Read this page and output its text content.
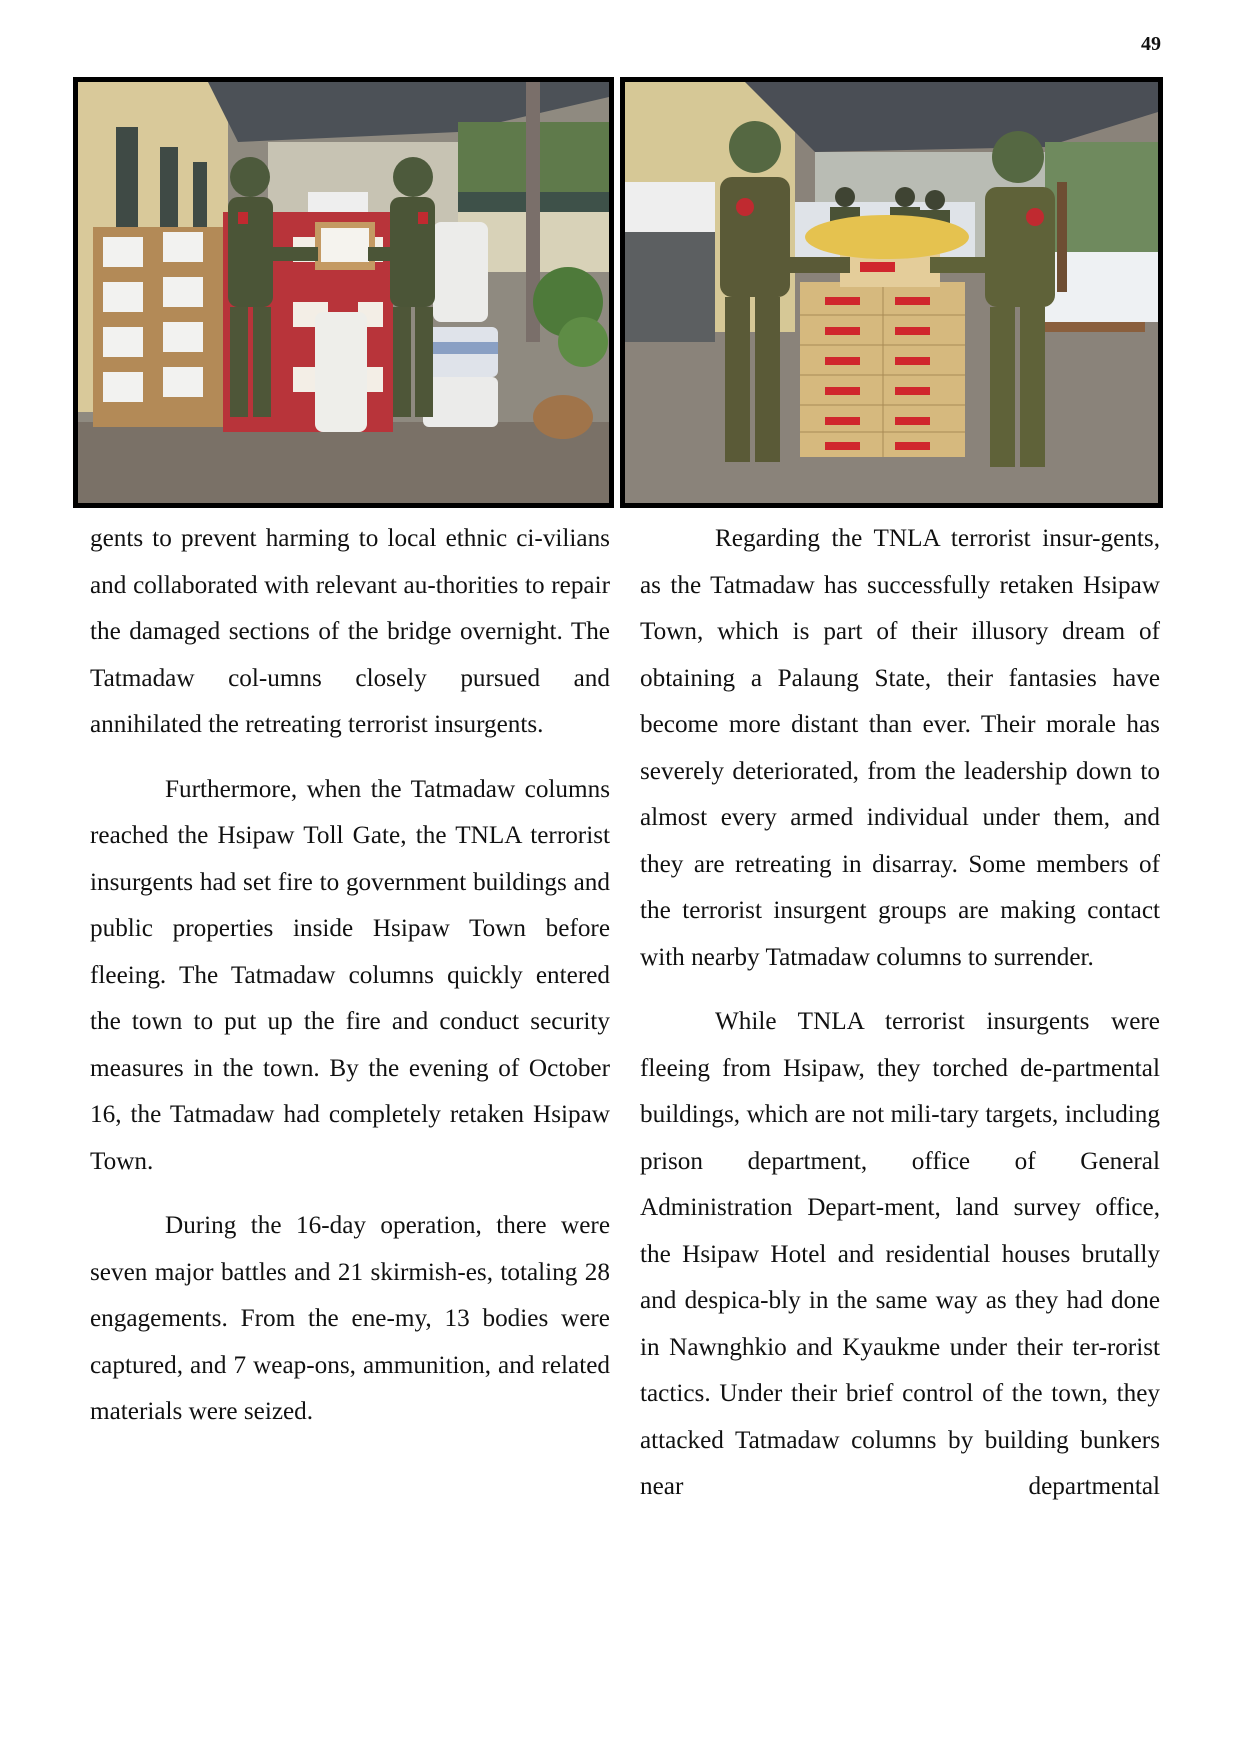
49

gents to prevent harming to local ethnic ci-vilians and collaborated with relevant au-thorities to repair the damaged sections of the bridge overnight. The Tatmadaw col-umns closely pursued and annihilated the retreating terrorist insurgents.

Furthermore, when the Tatmadaw columns reached the Hsipaw Toll Gate, the TNLA terrorist insurgents had set fire to government buildings and public properties inside Hsipaw Town before fleeing. The Tatmadaw columns quickly entered the town to put up the fire and conduct security measures in the town. By the evening of October 16, the Tatmadaw had completely retaken Hsipaw Town.

During the 16-day operation, there were seven major battles and 21 skirmish-es, totaling 28 engagements. From the ene-my, 13 bodies were captured, and 7 weap-ons, ammunition, and related materials were seized.

Regarding the TNLA terrorist insur-gents, as the Tatmadaw has successfully retaken Hsipaw Town, which is part of their illusory dream of obtaining a Palaung State, their fantasies have become more distant than ever. Their morale has severely deteriorated, from the leadership down to almost every armed individual under them, and they are retreating in disarray. Some members of the terrorist insurgent groups are making contact with nearby Tatmadaw columns to surrender.

While TNLA terrorist insurgents were fleeing from Hsipaw, they torched de-partmental buildings, which are not mili-tary targets, including prison department, office of General Administration Depart-ment, land survey office, the Hsipaw Hotel and residential houses brutally and despica-bly in the same way as they had done in Nawnghkio and Kyaukme under their ter-rorist tactics. Under their brief control of the town, they attacked Tatmadaw columns by building bunkers near departmental
